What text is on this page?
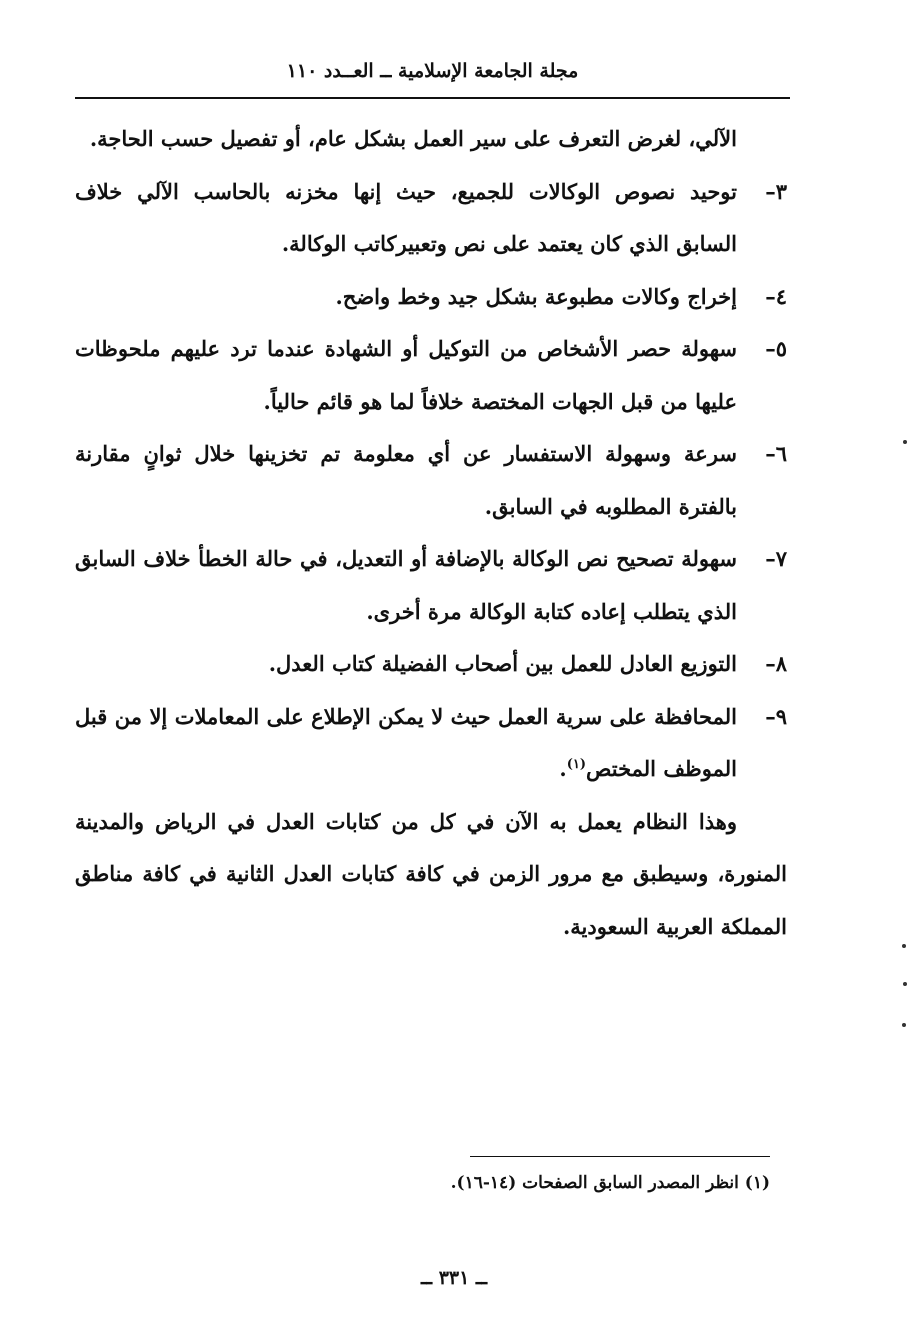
مجلة الجامعة الإسلامية ــ العــدد ١١٠
الآلي، لغرض التعرف على سير العمل بشكل عام، أو تفصيل حسب الحاجة.
٣–
توحيد نصوص الوكالات للجميع، حيث إنها مخزنه بالحاسب الآلي خلاف السابق الذي كان يعتمد على نص وتعبيركاتب الوكالة.
٤–
إخراج وكالات مطبوعة بشكل جيد وخط واضح.
٥–
سهولة حصر الأشخاص من التوكيل أو الشهادة عندما ترد عليهم ملحوظات عليها من قبل الجهات المختصة خلافاً لما هو قائم حالياً.
٦–
سرعة وسهولة الاستفسار عن أي معلومة تم تخزينها خلال ثوانٍ مقارنة بالفترة المطلوبه في السابق.
٧–
سهولة تصحيح نص الوكالة بالإضافة أو التعديل، في حالة الخطأ خلاف السابق الذي يتطلب إعاده كتابة الوكالة مرة أخرى.
٨–
التوزيع العادل للعمل بين أصحاب الفضيلة كتاب العدل.
٩–
المحافظة على سرية العمل حيث لا يمكن الإطلاع على المعاملات إلا من قبل الموظف المختص$^{(١)}$.
وهذا النظام يعمل به الآن في كل من كتابات العدل في الرياض والمدينة المنورة، وسيطبق مع مرور الزمن في كافة كتابات العدل الثانية في كافة مناطق المملكة العربية السعودية.
(١) انظر المصدر السابق الصفحات (١٤-١٦).
ــ ٣٣١ ــ
